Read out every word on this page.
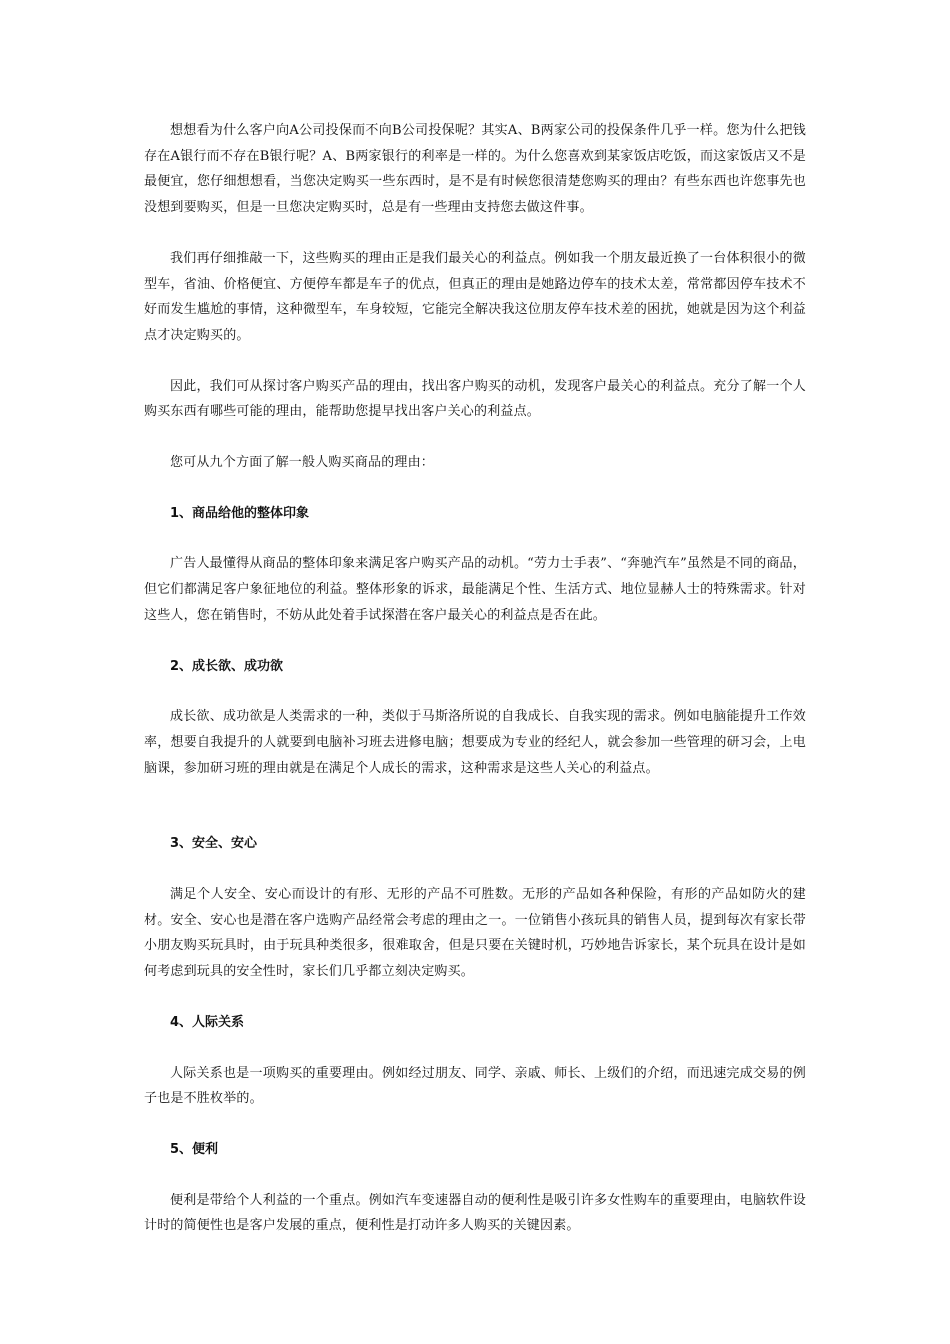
想想看为什么客户向A公司投保而不向B公司投保呢？其实A、B两家公司的投保条件几乎一样。您为什么把钱存在A银行而不存在B银行呢？A、B两家银行的利率是一样的。为什么您喜欢到某家饭店吃饭，而这家饭店又不是最便宜，您仔细想想看，当您决定购买一些东西时，是不是有时候您很清楚您购买的理由？有些东西也许您事先也没想到要购买，但是一旦您决定购买时，总是有一些理由支持您去做这件事。

我们再仔细推敲一下，这些购买的理由正是我们最关心的利益点。例如我一个朋友最近换了一台体积很小的微型车，省油、价格便宜、方便停车都是车子的优点，但真正的理由是她路边停车的技术太差，常常都因停车技术不好而发生尴尬的事情，这种微型车，车身较短，它能完全解决我这位朋友停车技术差的困扰，她就是因为这个利益点才决定购买的。

因此，我们可从探讨客户购买产品的理由，找出客户购买的动机，发现客户最关心的利益点。充分了解一个人购买东西有哪些可能的理由，能帮助您提早找出客户关心的利益点。

您可从九个方面了解一般人购买商品的理由：

1、商品给他的整体印象

广告人最懂得从商品的整体印象来满足客户购买产品的动机。“劳力士手表”、“奔驰汽车”虽然是不同的商品，但它们都满足客户象征地位的利益。整体形象的诉求，最能满足个性、生活方式、地位显赫人士的特殊需求。针对这些人，您在销售时，不妨从此处着手试探潜在客户最关心的利益点是否在此。

2、成长欲、成功欲

成长欲、成功欲是人类需求的一种，类似于马斯洛所说的自我成长、自我实现的需求。例如电脑能提升工作效率，想要自我提升的人就要到电脑补习班去进修电脑；想要成为专业的经纪人，就会参加一些管理的研习会，上电脑课，参加研习班的理由就是在满足个人成长的需求，这种需求是这些人关心的利益点。

3、安全、安心

满足个人安全、安心而设计的有形、无形的产品不可胜数。无形的产品如各种保险，有形的产品如防火的建材。安全、安心也是潜在客户选购产品经常会考虑的理由之一。一位销售小孩玩具的销售人员，提到每次有家长带小朋友购买玩具时，由于玩具种类很多，很难取舍，但是只要在关键时机，巧妙地告诉家长，某个玩具在设计是如何考虑到玩具的安全性时，家长们几乎都立刻决定购买。

4、人际关系

人际关系也是一项购买的重要理由。例如经过朋友、同学、亲戚、师长、上级们的介绍，而迅速完成交易的例子也是不胜枚举的。

5、便利

便利是带给个人利益的一个重点。例如汽车变速器自动的便利性是吸引许多女性购车的重要理由，电脑软件设计时的简便性也是客户发展的重点，便利性是打动许多人购买的关键因素。
